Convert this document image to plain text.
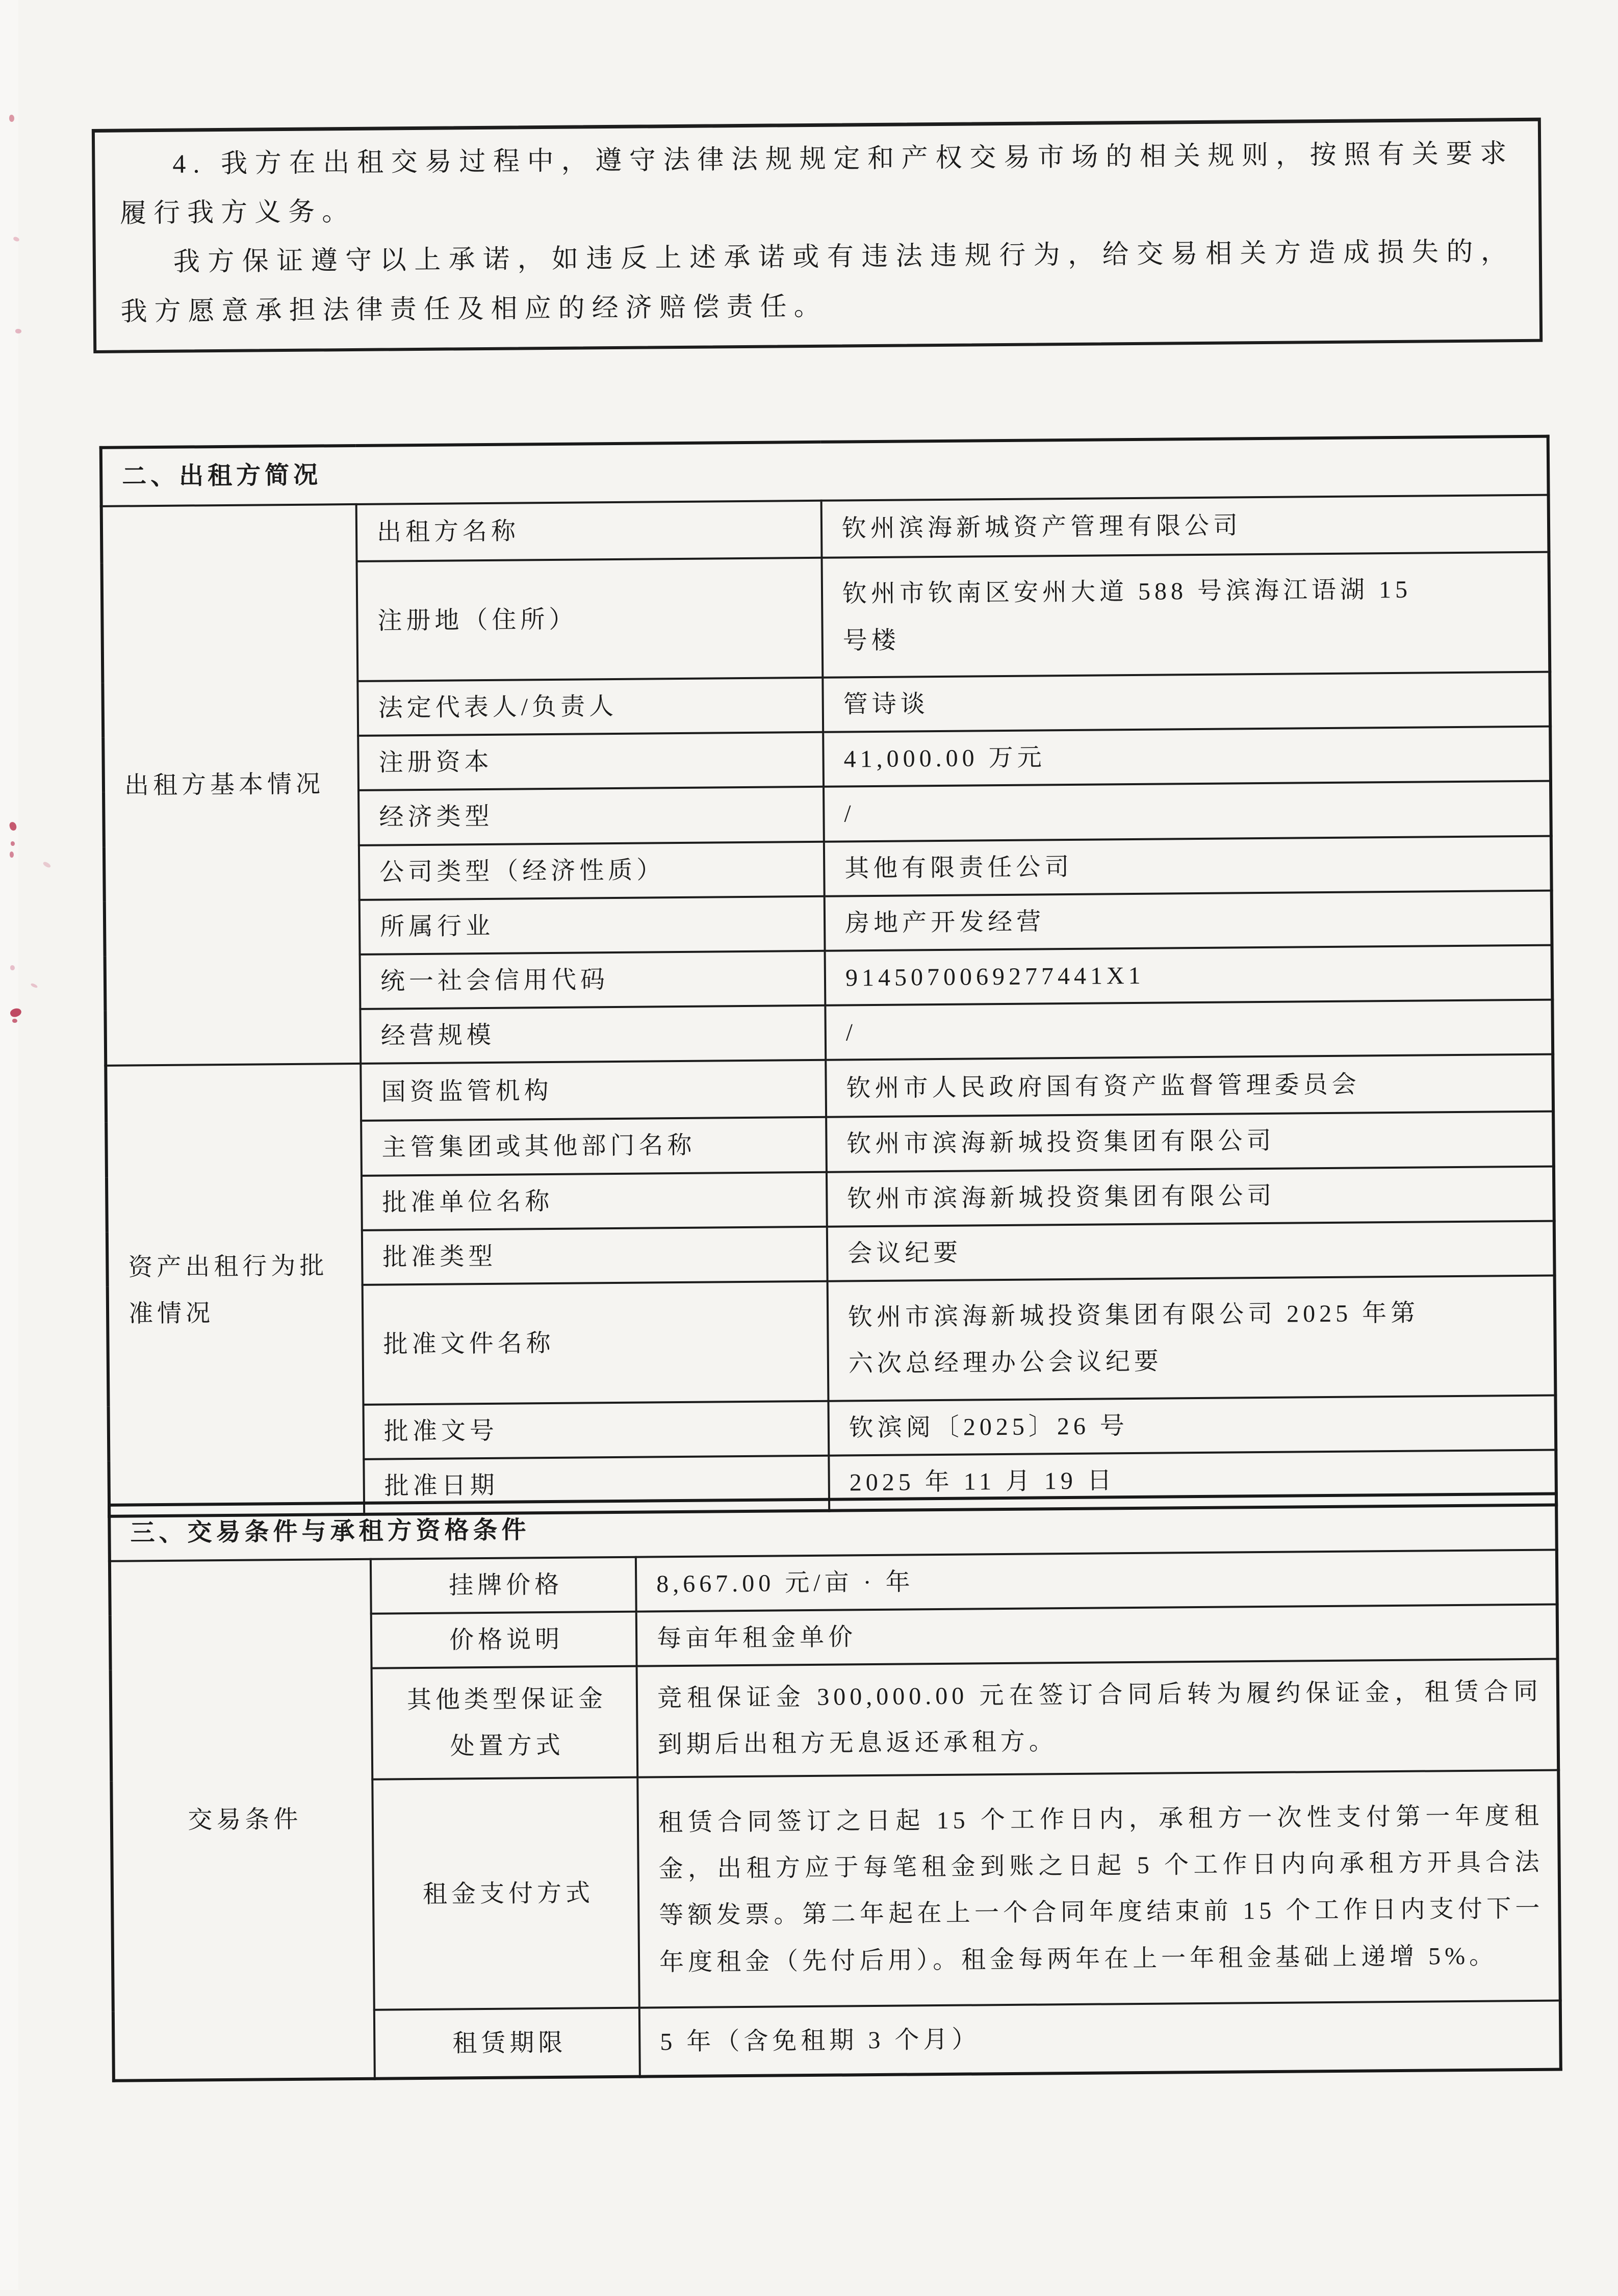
4. 我方在出租交易过程中，遵守法律法规规定和产权交易市场的相关规则，按照有关要求履行我方义务。

我方保证遵守以上承诺，如违反上述承诺或有违法违规行为，给交易相关方造成损失的，我方愿意承担法律责任及相应的经济赔偿责任。

二、出租方简况		
出租方基本情况	出租方名称	钦州滨海新城资产管理有限公司
	注册地（住所）	钦州市钦南区安州大道 588 号滨海江语湖 15 号楼
	法定代表人/负责人	管诗谈
	注册资本	41,000.00 万元
	经济类型	/
	公司类型（经济性质）	其他有限责任公司
	所属行业	房地产开发经营
	统一社会信用代码	9145070069277441X1
	经营规模	/
资产出租行为批准情况	国资监管机构	钦州市人民政府国有资产监督管理委员会
	主管集团或其他部门名称	钦州市滨海新城投资集团有限公司
	批准单位名称	钦州市滨海新城投资集团有限公司
	批准类型	会议纪要
	批准文件名称	钦州市滨海新城投资集团有限公司 2025 年第六次总经理办公会议纪要
	批准文号	钦滨阅〔2025〕26 号
	批准日期	2025 年 11 月 19 日
三、交易条件与承租方资格条件		
交易条件	挂牌价格	8,667.00 元/亩 · 年
	价格说明	每亩年租金单价
	其他类型保证金处置方式	竞租保证金 300,000.00 元在签订合同后转为履约保证金，租赁合同到期后出租方无息返还承租方。
	租金支付方式	租赁合同签订之日起 15 个工作日内，承租方一次性支付第一年度租金，出租方应于每笔租金到账之日起 5 个工作日内向承租方开具合法等额发票。第二年起在上一个合同年度结束前 15 个工作日内支付下一年度租金（先付后用）。租金每两年在上一年租金基础上递增 5%。
	租赁期限	5 年（含免租期 3 个月）
